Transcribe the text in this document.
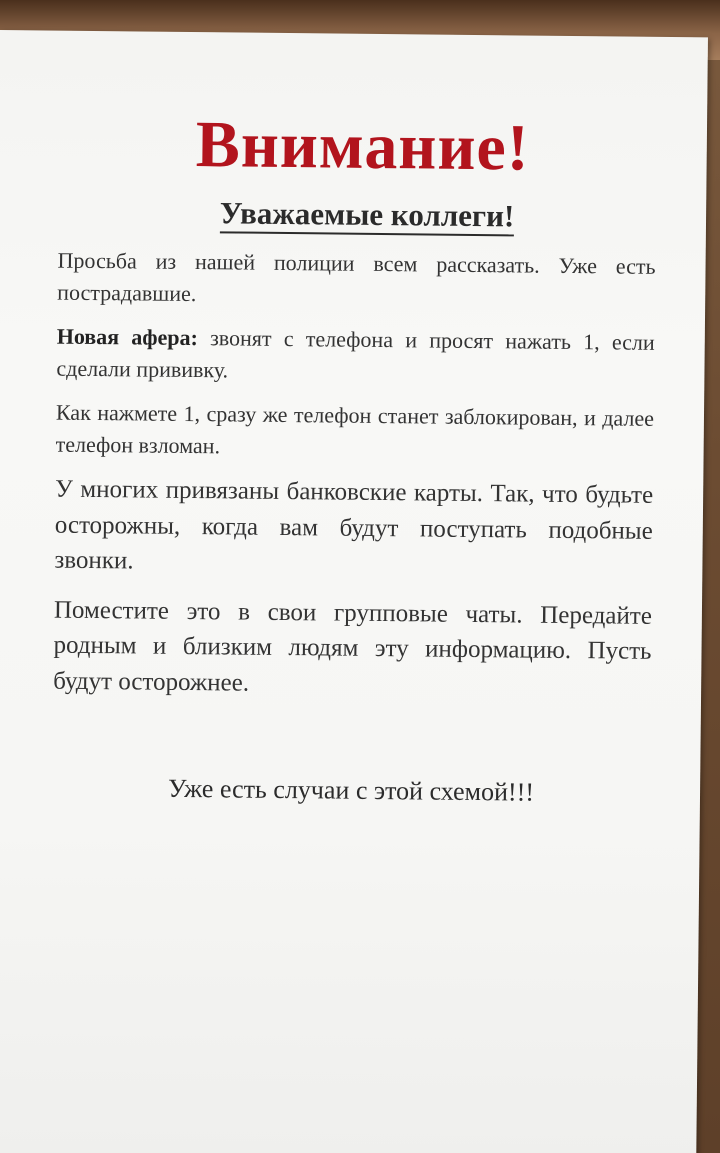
Внимание!
Уважаемые коллеги!

Просьба из нашей полиции всем рассказать. Уже есть пострадавшие.

Новая афера: звонят с телефона и просят нажать 1, если сделали прививку.

Как нажмете 1, сразу же телефон станет заблокирован, и далее телефон взломан.

У многих привязаны банковские карты. Так, что будьте осторожны, когда вам будут поступать подобные звонки.

Поместите это в свои групповые чаты. Передайте родным и близким людям эту информацию. Пусть будут осторожнее.

Уже есть случаи с этой схемой!!!
